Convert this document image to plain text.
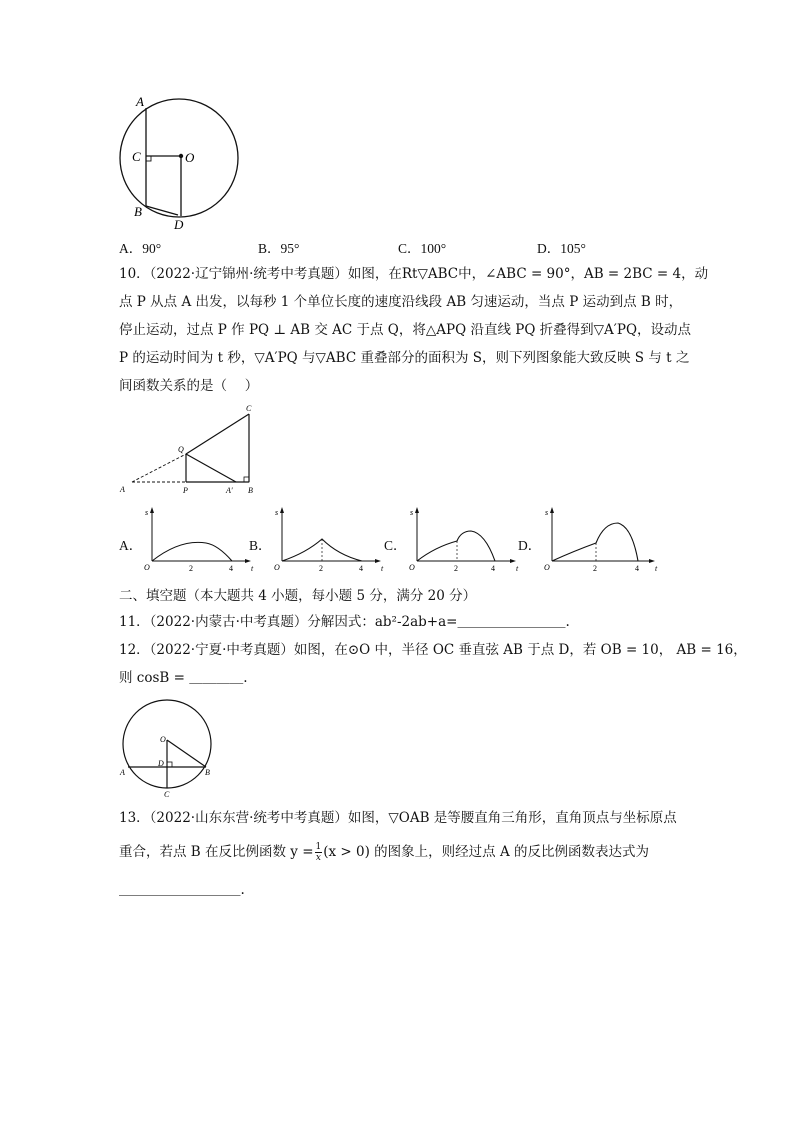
A
C	O
B
D
A．90°	B．95°	C．100°	D．105°
10．（2022·辽宁锦州·统考中考真题）如图，在Rt▽ABC中，∠ABC = 90°，AB = 2BC = 4，动
点 P 从点 A 出发，以每秒 1 个单位长度的速度沿线段 AB 匀速运动，当点 P 运动到点 B 时，
停止运动，过点 P 作 PQ ⊥ AB 交 AC 于点 Q，将△APQ 沿直线 PQ 折叠得到▽A′PQ，设动点
P 的运动时间为 t 秒，▽A′PQ 与▽ABC 重叠部分的面积为 S，则下列图象能大致反映 S 与 t 之
间函数关系的是（　 ）
C
Q
A	P	A′ B
A．	B．	C．	D．
s
t
O	2	4
s
t
O	2	4
s
t
O	2	4
s
t
O	2	4
二、填空题（本大题共 4 小题，每小题 5 分，满分 20 分）
11．（2022·内蒙古·中考真题）分解因式：ab²-2ab+a=＿＿＿＿＿＿＿＿.
12．（2022·宁夏·中考真题）如图，在⊙O 中，半径 OC 垂直弦 AB 于点 D，若 OB = 10， AB = 16，
则 cosB = ＿＿＿＿.
O
A
D
B
C
13．（2022·山东东营·统考中考真题）如图，▽OAB 是等腰直角三角形，直角顶点与坐标原点
重合，若点 B 在反比例函数 $y = \frac{1}{x} (x > 0)$ 的图象上，则经过点 A 的反比例函数表达式为
＿＿＿＿＿＿＿＿＿.
